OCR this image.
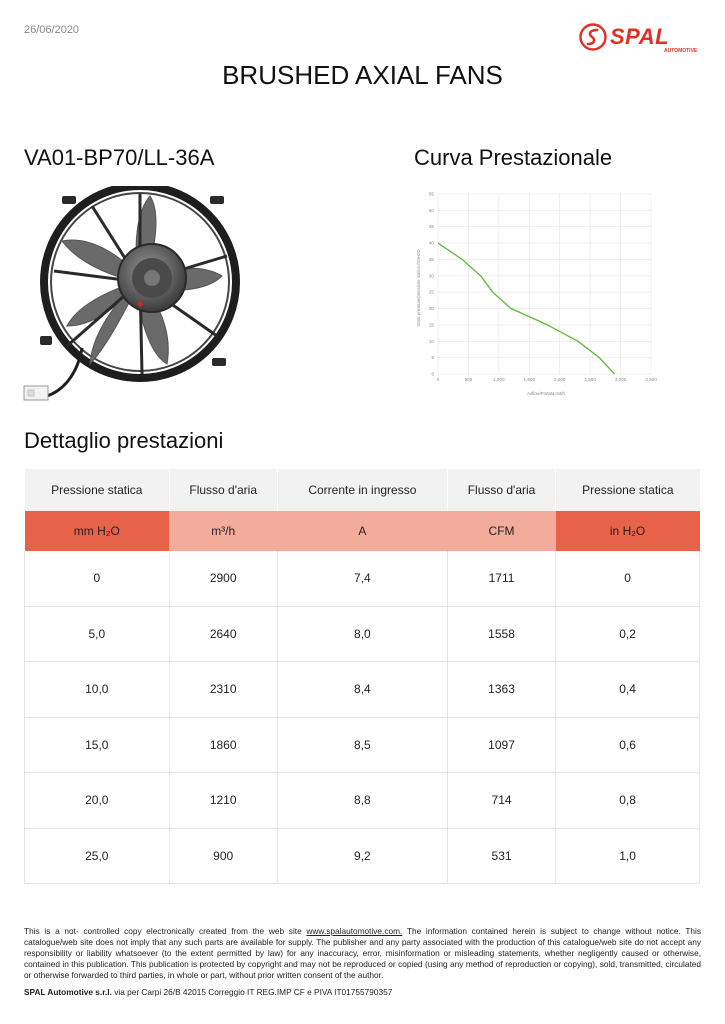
26/06/2020	SPAL
AUTOMOTIVE
BRUSHED AXIAL FANS
VA01-BP70/LL-36A	Curva Prestazionale
0
5
10
15
20
25
30
35
40
45
50
55
0	500	1,000	1,500	2,000	2,500	3,000	3,500
Static pressure/pressione statica mmH2O
Airflow/Portata m3/h
Dettaglio prestazioni
Pressione statica	Flusso d'aria	Corrente in ingresso	Flusso d'aria	Pressione statica
mm H₂O	m³/h	A	CFM	in H₂O
0	2900	7,4	1711	0
5,0	2640	8,0	1558	0,2
10,0	2310	8,4	1363	0,4
15,0	1860	8,5	1097	0,6
20,0	1210	8,8	714	0,8
25,0	900	9,2	531	1,0
This is a not- controlled copy electronically created from the web site www.spalautomotive.com. The information contained herein is subject to change without notice. This catalogue/web site does not imply that any such parts are available for supply. The publisher and any party associated with the production of this catalogue/web site do not accept any responsibility or liability whatsoever (to the extent permitted by law) for any inaccuracy, error, misinformation or misleading statements, whether negligently caused or otherwise, contained in this publication. This publication is protected by copyright and may not be reproduced or copied (using any method of reproduction or copying), sold, transmitted, circulated or otherwise forwarded to third parties, in whole or part, without prior written consent of the author.
SPAL Automotive s.r.l. via per Carpi 26/B 42015 Correggio IT REG.IMP CF e PIVA IT01755790357
